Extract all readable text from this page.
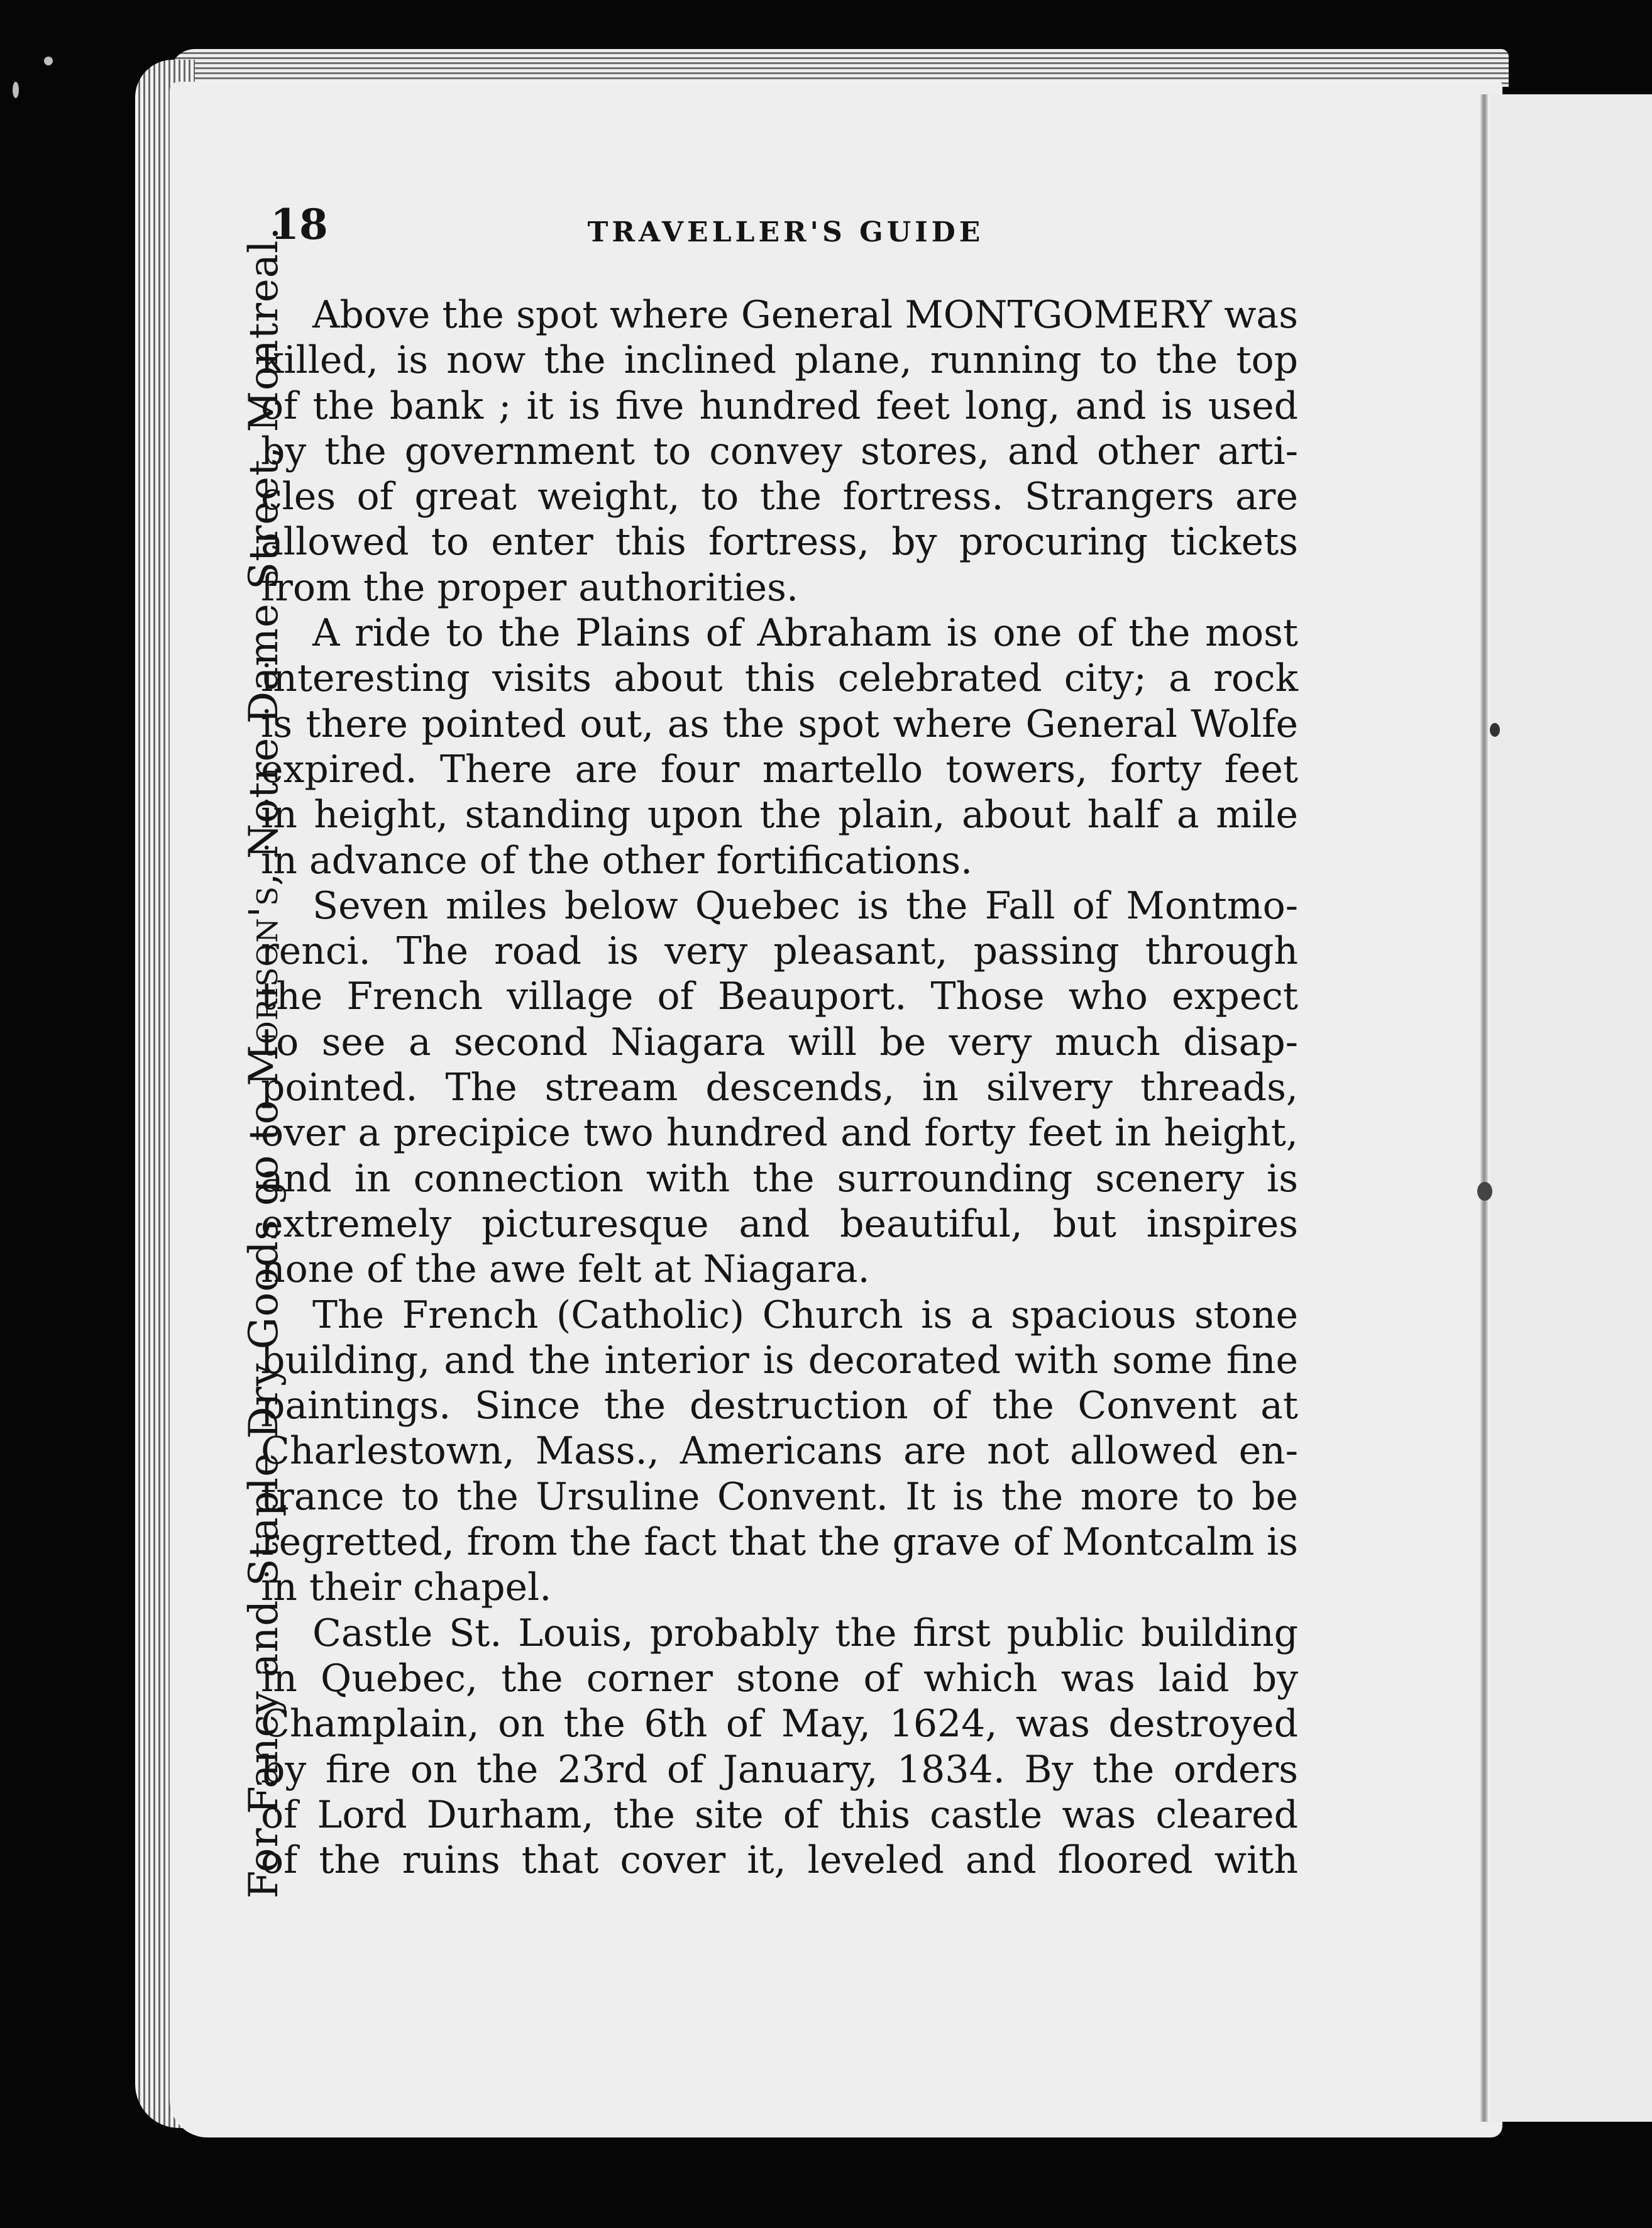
18	TRAVELLER'S GUIDE
For Fancy and Staple Dry Goods go to Morison's, Notre Dame Street, Montreal. Above the spot where General MONTGOMERY was
killed, is now the inclined plane, running to the top
of the bank ; it is five hundred feet long, and is used
by the government to convey stores, and other arti-
cles of great weight, to the fortress. Strangers are
allowed to enter this fortress, by procuring tickets
from the proper authorities.
A ride to the Plains of Abraham is one of the most
interesting visits about this celebrated city; a rock
is there pointed out, as the spot where General Wolfe
expired. There are four martello towers, forty feet
in height, standing upon the plain, about half a mile
in advance of the other fortifications.
Seven miles below Quebec is the Fall of Montmo-
renci. The road is very pleasant, passing through
the French village of Beauport. Those who expect
to see a second Niagara will be very much disap-
pointed. The stream descends, in silvery threads,
over a precipice two hundred and forty feet in height,
and in connection with the surrounding scenery is
extremely picturesque and beautiful, but inspires
none of the awe felt at Niagara.
The French (Catholic) Church is a spacious stone
building, and the interior is decorated with some fine
paintings. Since the destruction of the Convent at
Charlestown, Mass., Americans are not allowed en-
trance to the Ursuline Convent. It is the more to be
regretted, from the fact that the grave of Montcalm is
in their chapel.
Castle St. Louis, probably the first public building
in Quebec, the corner stone of which was laid by
Champlain, on the 6th of May, 1624, was destroyed
by fire on the 23rd of January, 1834. By the orders
of Lord Durham, the site of this castle was cleared
of the ruins that cover it, leveled and floored with
